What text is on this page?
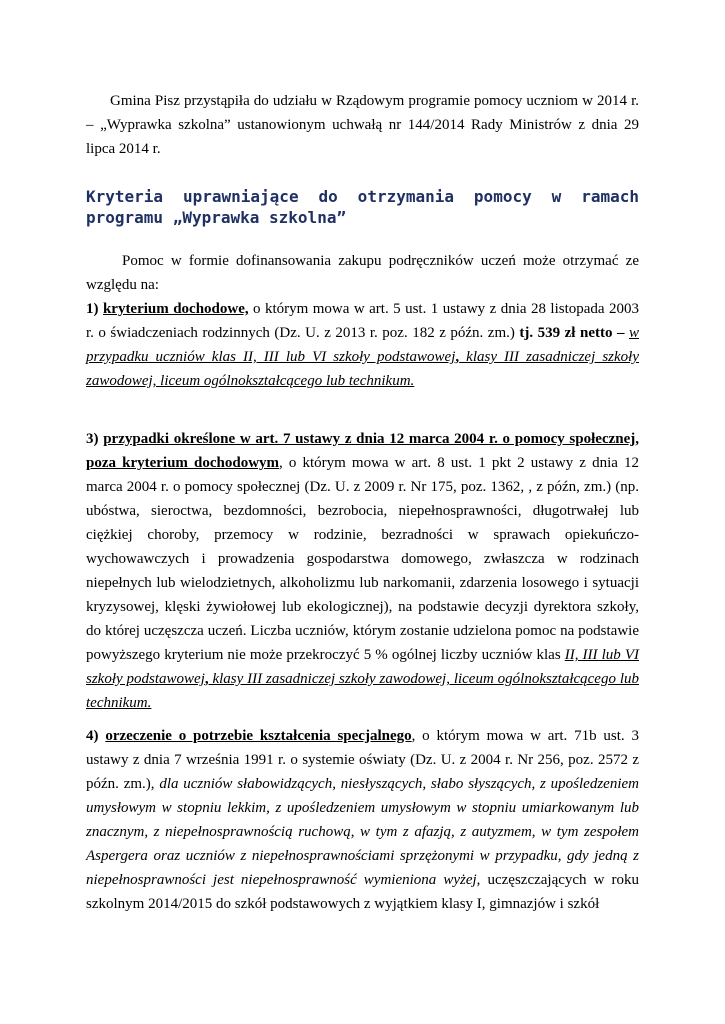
Gmina Pisz przystąpiła do udziału w Rządowym programie pomocy uczniom w 2014 r. – „Wyprawka szkolna” ustanowionym uchwałą nr 144/2014 Rady Ministrów z dnia 29 lipca 2014 r.

Kryteria uprawniające do otrzymania pomocy w ramach programu „Wyprawka szkolna”

Pomoc w formie dofinansowania zakupu podręczników uczeń może otrzymać ze względu na:
1) kryterium dochodowe, o którym mowa w art. 5 ust. 1 ustawy z dnia 28 listopada 2003 r. o świadczeniach rodzinnych (Dz. U. z 2013 r. poz. 182 z późn. zm.) tj. 539 zł netto – w przypadku uczniów klas II, III lub VI szkoły podstawowej, klasy III zasadniczej szkoły zawodowej, liceum ogólnokształcącego lub technikum.

3) przypadki określone w art. 7 ustawy z dnia 12 marca 2004 r. o pomocy społecznej, poza kryterium dochodowym, o którym mowa w art. 8 ust. 1 pkt 2 ustawy z dnia 12 marca 2004 r. o pomocy społecznej (Dz. U. z 2009 r. Nr 175, poz. 1362, , z późn, zm.) (np. ubóstwa, sieroctwa, bezdomności, bezrobocia, niepełnosprawności, długotrwałej lub ciężkiej choroby, przemocy w rodzinie, bezradności w sprawach opiekuńczo-wychowawczych i prowadzenia gospodarstwa domowego, zwłaszcza w rodzinach niepełnych lub wielodzietnych, alkoholizmu lub narkomanii, zdarzenia losowego i sytuacji kryzysowej, klęski żywiołowej lub ekologicznej), na podstawie decyzji dyrektora szkoły, do której uczęszcza uczeń. Liczba uczniów, którym zostanie udzielona pomoc na podstawie powyższego kryterium nie może przekroczyć 5 % ogólnej liczby uczniów klas II, III lub VI szkoły podstawowej, klasy III zasadniczej szkoły zawodowej, liceum ogólnokształcącego lub technikum.

4) orzeczenie o potrzebie kształcenia specjalnego, o którym mowa w art. 71b ust. 3 ustawy z dnia 7 września 1991 r. o systemie oświaty (Dz. U. z 2004 r. Nr 256, poz. 2572 z późn. zm.), dla uczniów słabowidzących, niesłyszących, słabo słyszących, z upośledzeniem umysłowym w stopniu lekkim, z upośledzeniem umysłowym w stopniu umiarkowanym lub znacznym, z niepełnosprawnością ruchową, w tym z afazją, z autyzmem, w tym zespołem Aspergera oraz uczniów z niepełnosprawnościami sprzężonymi w przypadku, gdy jedną z niepełnosprawności jest niepełnosprawność wymieniona wyżej, uczęszczających w roku szkolnym 2014/2015 do szkół podstawowych z wyjątkiem klasy I, gimnazjów i szkół
